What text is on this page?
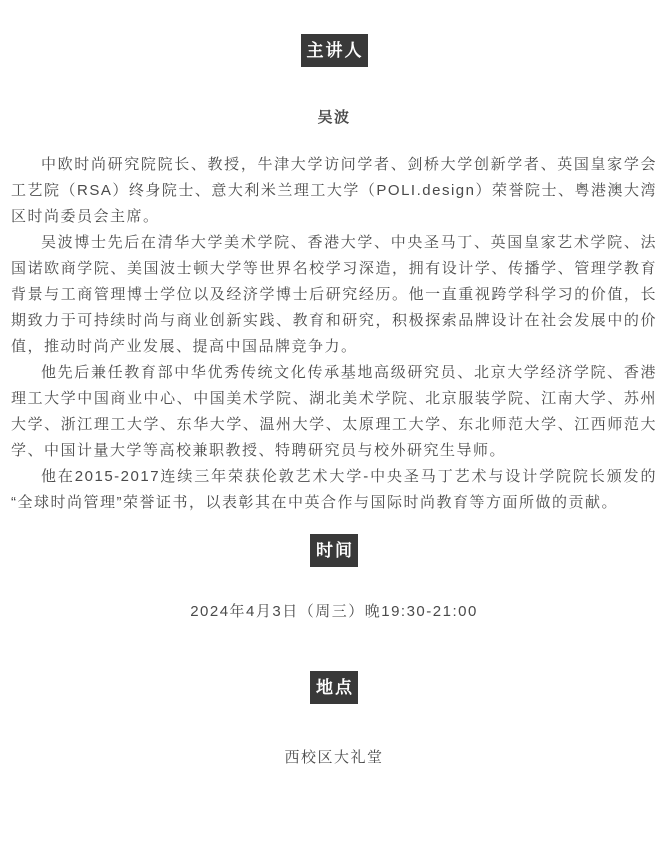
主讲人

吴波

中欧时尚研究院院长、教授，牛津大学访问学者、剑桥大学创新学者、英国皇家学会工艺院（RSA）终身院士、意大利米兰理工大学（POLI.design）荣誉院士、粤港澳大湾区时尚委员会主席。

吴波博士先后在清华大学美术学院、香港大学、中央圣马丁、英国皇家艺术学院、法国诺欧商学院、美国波士顿大学等世界名校学习深造，拥有设计学、传播学、管理学教育背景与工商管理博士学位以及经济学博士后研究经历。他一直重视跨学科学习的价值，长期致力于可持续时尚与商业创新实践、教育和研究，积极探索品牌设计在社会发展中的价值，推动时尚产业发展、提高中国品牌竞争力。

他先后兼任教育部中华优秀传统文化传承基地高级研究员、北京大学经济学院、香港理工大学中国商业中心、中国美术学院、湖北美术学院、北京服装学院、江南大学、苏州大学、浙江理工大学、东华大学、温州大学、太原理工大学、东北师范大学、江西师范大学、中国计量大学等高校兼职教授、特聘研究员与校外研究生导师。

他在2015-2017连续三年荣获伦敦艺术大学-中央圣马丁艺术与设计学院院长颁发的“全球时尚管理”荣誉证书，以表彰其在中英合作与国际时尚教育等方面所做的贡献。

时间

2024年4月3日（周三）晚19:30-21:00

地点

西校区大礼堂
